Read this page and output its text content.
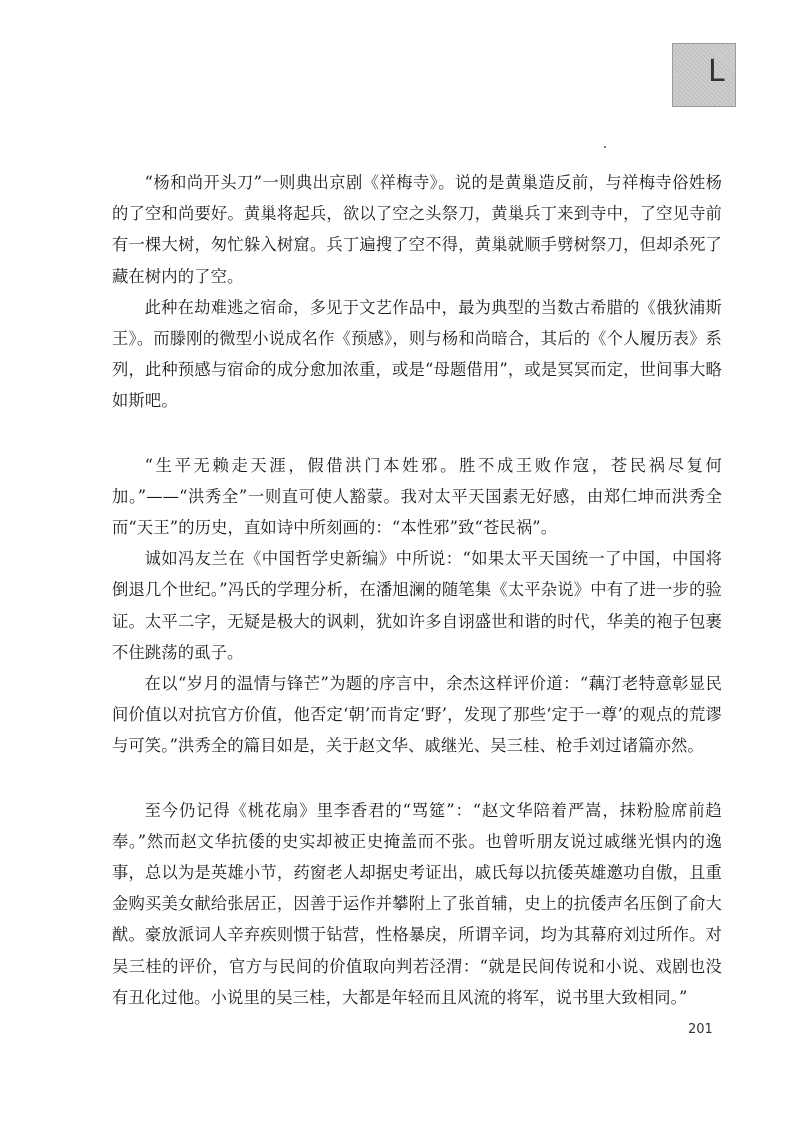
L

“杨和尚开头刀”一则典出京剧《祥梅寺》。说的是黄巢造反前，与祥梅寺俗姓杨的了空和尚要好。黄巢将起兵，欲以了空之头祭刀，黄巢兵丁来到寺中，了空见寺前有一棵大树，匆忙躲入树窟。兵丁遍搜了空不得，黄巢就顺手劈树祭刀，但却杀死了藏在树内的了空。

此种在劫难逃之宿命，多见于文艺作品中，最为典型的当数古希腊的《俄狄浦斯王》。而滕刚的微型小说成名作《预感》，则与杨和尚暗合，其后的《个人履历表》系列，此种预感与宿命的成分愈加浓重，或是“母题借用”，或是冥冥而定，世间事大略如斯吧。

“生平无赖走天涯，假借洪门本姓邪。胜不成王败作寇，苍民祸尽复何加。”——“洪秀全”一则直可使人豁蒙。我对太平天国素无好感，由郑仁坤而洪秀全而“天王”的历史，直如诗中所刻画的：“本性邪”致“苍民祸”。

诚如冯友兰在《中国哲学史新编》中所说：“如果太平天国统一了中国，中国将倒退几个世纪。”冯氏的学理分析，在潘旭澜的随笔集《太平杂说》中有了进一步的验证。太平二字，无疑是极大的讽刺，犹如许多自诩盛世和谐的时代，华美的袍子包裹不住跳荡的虱子。

在以“岁月的温情与锋芒”为题的序言中，余杰这样评价道：“藕汀老特意彰显民间价值以对抗官方价值，他否定‘朝’而肯定‘野’，发现了那些‘定于一尊’的观点的荒谬与可笑。”洪秀全的篇目如是，关于赵文华、戚继光、吴三桂、枪手刘过诸篇亦然。

至今仍记得《桃花扇》里李香君的“骂筵”：“赵文华陪着严嵩，抹粉脸席前趋奉。”然而赵文华抗倭的史实却被正史掩盖而不张。也曾听朋友说过戚继光惧内的逸事，总以为是英雄小节，药窗老人却据史考证出，戚氏每以抗倭英雄邀功自傲，且重金购买美女献给张居正，因善于运作并攀附上了张首辅，史上的抗倭声名压倒了俞大猷。豪放派词人辛弃疾则惯于钻营，性格暴戾，所谓辛词，均为其幕府刘过所作。对吴三桂的评价，官方与民间的价值取向判若泾渭：“就是民间传说和小说、戏剧也没有丑化过他。小说里的吴三桂，大都是年轻而且风流的将军，说书里大致相同。”

201
